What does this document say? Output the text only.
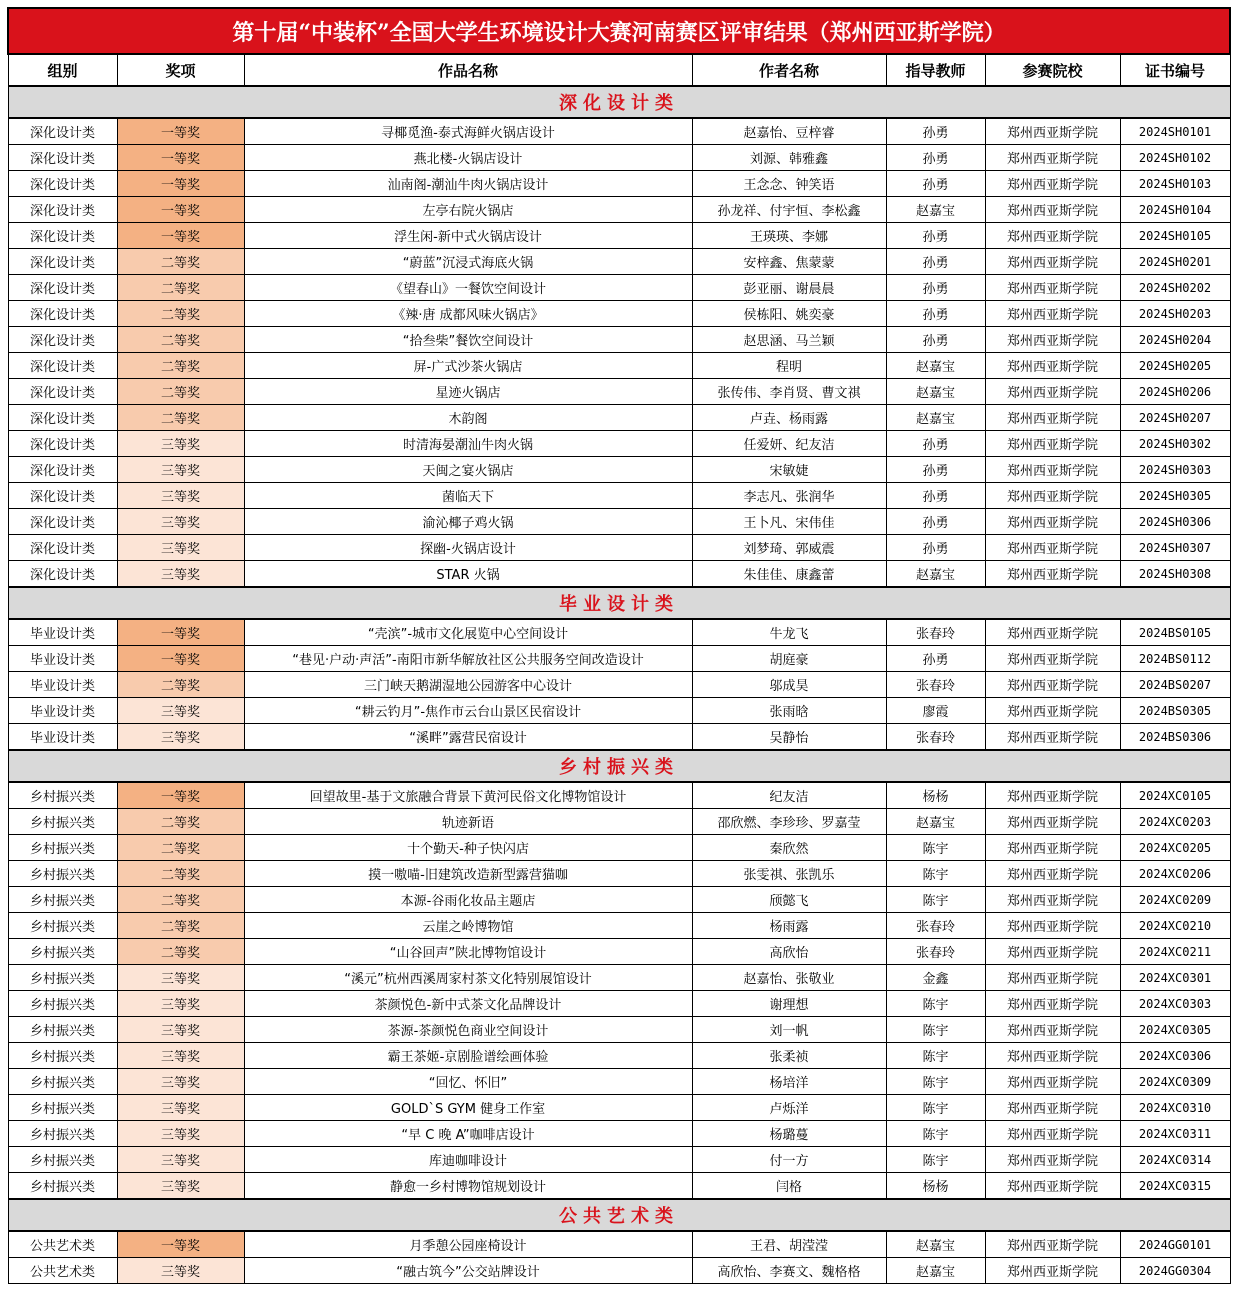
第十届“中装杯”全国大学生环境设计大赛河南赛区评审结果（郑州西亚斯学院）						
组别	奖项	作品名称	作者名称	指导教师	参赛院校	证书编号
深化设计类						
深化设计类	一等奖	寻椰觅渔-泰式海鲜火锅店设计	赵嘉怡、豆梓睿	孙勇	郑州西亚斯学院	2024SH0101
深化设计类	一等奖	燕北楼-火锅店设计	刘源、韩雅鑫	孙勇	郑州西亚斯学院	2024SH0102
深化设计类	一等奖	汕南阁-潮汕牛肉火锅店设计	王念念、钟笑语	孙勇	郑州西亚斯学院	2024SH0103
深化设计类	一等奖	左亭右院火锅店	孙龙祥、付宇恒、李松鑫	赵嘉宝	郑州西亚斯学院	2024SH0104
深化设计类	一等奖	浮生闲-新中式火锅店设计	王瑛瑛、李娜	孙勇	郑州西亚斯学院	2024SH0105
深化设计类	二等奖	“蔚蓝”沉浸式海底火锅	安梓鑫、焦蒙蒙	孙勇	郑州西亚斯学院	2024SH0201
深化设计类	二等奖	《望春山》一餐饮空间设计	彭亚丽、谢晨晨	孙勇	郑州西亚斯学院	2024SH0202
深化设计类	二等奖	《辣·唐 成都风味火锅店》	侯栋阳、姚奕豪	孙勇	郑州西亚斯学院	2024SH0203
深化设计类	二等奖	“拾叁柴”餐饮空间设计	赵思涵、马兰颖	孙勇	郑州西亚斯学院	2024SH0204
深化设计类	二等奖	屏-广式沙茶火锅店	程明	赵嘉宝	郑州西亚斯学院	2024SH0205
深化设计类	二等奖	星迹火锅店	张传伟、李肖贤、曹文祺	赵嘉宝	郑州西亚斯学院	2024SH0206
深化设计类	二等奖	木韵阁	卢垚、杨雨露	赵嘉宝	郑州西亚斯学院	2024SH0207
深化设计类	三等奖	时清海晏潮汕牛肉火锅	任爱妍、纪友洁	孙勇	郑州西亚斯学院	2024SH0302
深化设计类	三等奖	天闽之宴火锅店	宋敏婕	孙勇	郑州西亚斯学院	2024SH0303
深化设计类	三等奖	菌临天下	李志凡、张润华	孙勇	郑州西亚斯学院	2024SH0305
深化设计类	三等奖	渝沁椰子鸡火锅	王卜凡、宋伟佳	孙勇	郑州西亚斯学院	2024SH0306
深化设计类	三等奖	探幽-火锅店设计	刘梦琦、郭威震	孙勇	郑州西亚斯学院	2024SH0307
深化设计类	三等奖	STAR 火锅	朱佳佳、康鑫蕾	赵嘉宝	郑州西亚斯学院	2024SH0308
毕业设计类						
毕业设计类	一等奖	“壳滨”-城市文化展览中心空间设计	牛龙飞	张春玲	郑州西亚斯学院	2024BS0105
毕业设计类	一等奖	“巷见·户动·声活”-南阳市新华解放社区公共服务空间改造设计	胡庭豪	孙勇	郑州西亚斯学院	2024BS0112
毕业设计类	二等奖	三门峡天鹅湖湿地公园游客中心设计	邬成昊	张春玲	郑州西亚斯学院	2024BS0207
毕业设计类	三等奖	“耕云钓月”-焦作市云台山景区民宿设计	张雨晗	廖霞	郑州西亚斯学院	2024BS0305
毕业设计类	三等奖	“溪畔”露营民宿设计	吴静怡	张春玲	郑州西亚斯学院	2024BS0306
乡村振兴类						
乡村振兴类	一等奖	回望故里-基于文旅融合背景下黄河民俗文化博物馆设计	纪友洁	杨杨	郑州西亚斯学院	2024XC0105
乡村振兴类	二等奖	轨迹新语	邵欣燃、李珍珍、罗嘉莹	赵嘉宝	郑州西亚斯学院	2024XC0203
乡村振兴类	二等奖	十个勤天-种子快闪店	秦欣然	陈宇	郑州西亚斯学院	2024XC0205
乡村振兴类	二等奖	摸一嗷喵-旧建筑改造新型露营猫咖	张雯祺、张凯乐	陈宇	郑州西亚斯学院	2024XC0206
乡村振兴类	二等奖	本源-谷雨化妆品主题店	颀懿飞	陈宇	郑州西亚斯学院	2024XC0209
乡村振兴类	二等奖	云崖之岭博物馆	杨雨露	张春玲	郑州西亚斯学院	2024XC0210
乡村振兴类	二等奖	“山谷回声”陕北博物馆设计	高欣怡	张春玲	郑州西亚斯学院	2024XC0211
乡村振兴类	三等奖	“溪元”杭州西溪周家村茶文化特别展馆设计	赵嘉怡、张敬业	金鑫	郑州西亚斯学院	2024XC0301
乡村振兴类	三等奖	茶颜悦色-新中式茶文化品牌设计	谢理想	陈宇	郑州西亚斯学院	2024XC0303
乡村振兴类	三等奖	茶源-茶颜悦色商业空间设计	刘一帆	陈宇	郑州西亚斯学院	2024XC0305
乡村振兴类	三等奖	霸王茶姬-京剧脸谱绘画体验	张柔祯	陈宇	郑州西亚斯学院	2024XC0306
乡村振兴类	三等奖	“回忆、怀旧”	杨培洋	陈宇	郑州西亚斯学院	2024XC0309
乡村振兴类	三等奖	GOLD`S GYM 健身工作室	卢烁洋	陈宇	郑州西亚斯学院	2024XC0310
乡村振兴类	三等奖	“早 C 晚 A”咖啡店设计	杨璐蔓	陈宇	郑州西亚斯学院	2024XC0311
乡村振兴类	三等奖	库迪咖啡设计	付一方	陈宇	郑州西亚斯学院	2024XC0314
乡村振兴类	三等奖	静愈一乡村博物馆规划设计	闫格	杨杨	郑州西亚斯学院	2024XC0315
公共艺术类						
公共艺术类	一等奖	月季憩公园座椅设计	王君、胡滢滢	赵嘉宝	郑州西亚斯学院	2024GG0101
公共艺术类	三等奖	“融古筑今”公交站牌设计	高欣怡、李赛文、魏格格	赵嘉宝	郑州西亚斯学院	2024GG0304
